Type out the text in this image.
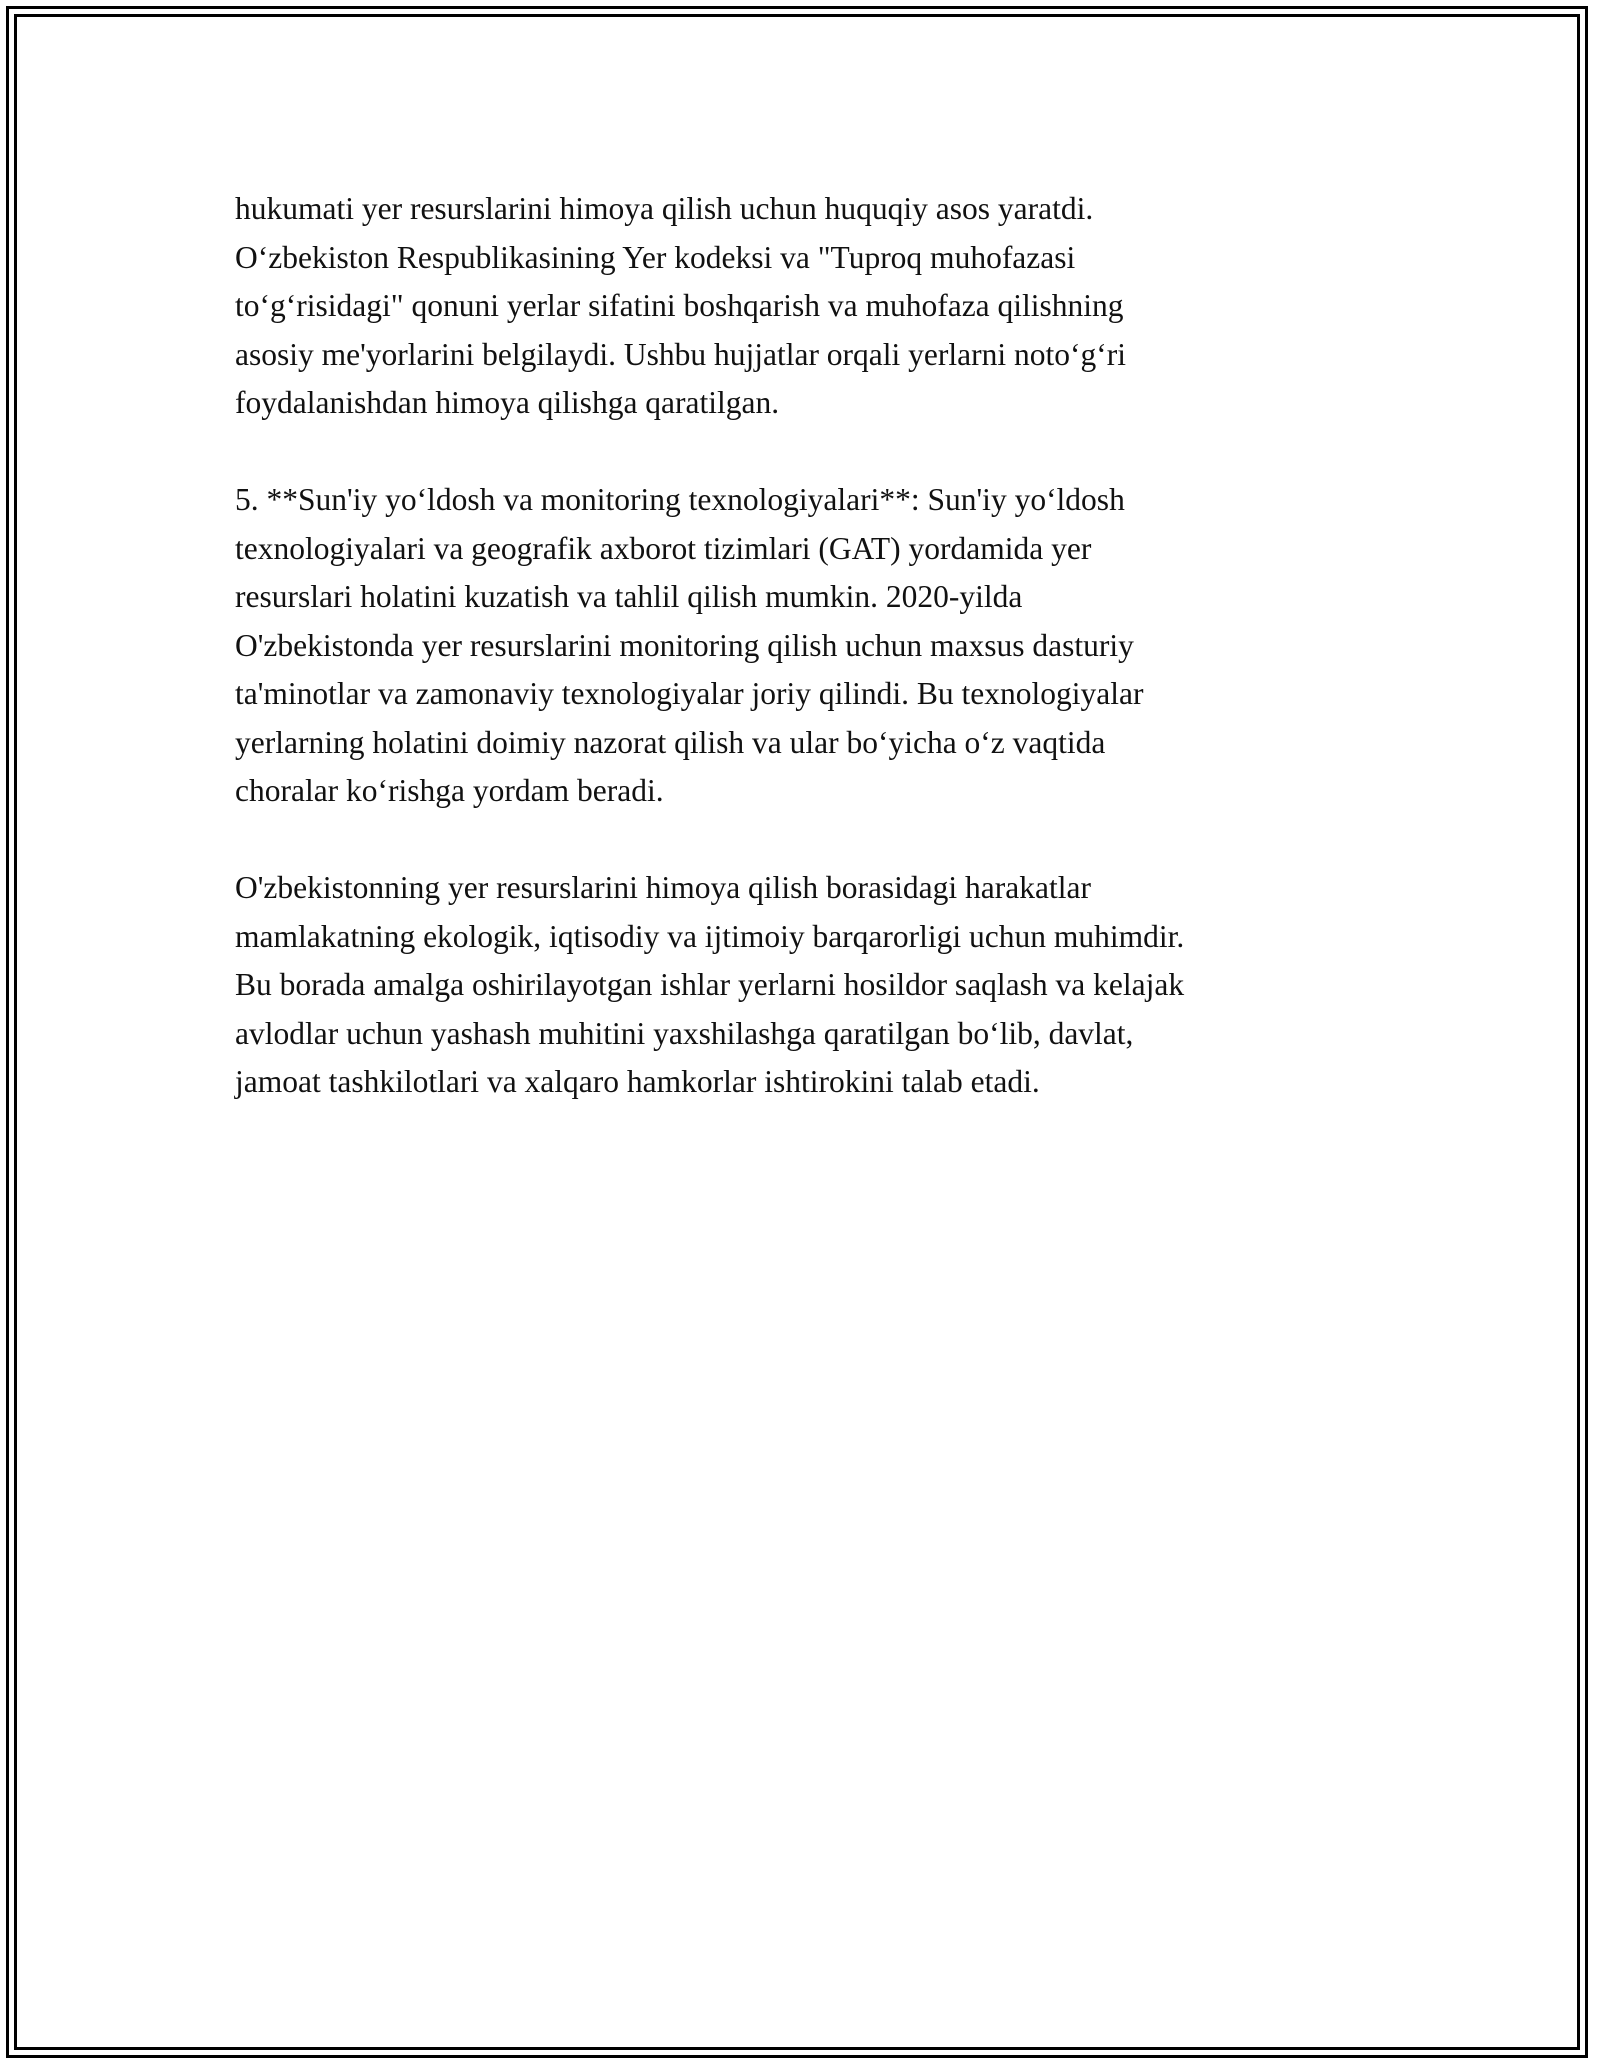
hukumati yer resurslarini himoya qilish uchun huquqiy asos yaratdi.
O‘zbekiston Respublikasining Yer kodeksi va "Tuproq muhofazasi
to‘g‘risidagi" qonuni yerlar sifatini boshqarish va muhofaza qilishning
asosiy me'yorlarini belgilaydi. Ushbu hujjatlar orqali yerlarni noto‘g‘ri
foydalanishdan himoya qilishga qaratilgan.

5. **Sun'iy yo‘ldosh va monitoring texnologiyalari**: Sun'iy yo‘ldosh
texnologiyalari va geografik axborot tizimlari (GAT) yordamida yer
resurslari holatini kuzatish va tahlil qilish mumkin. 2020-yilda
O'zbekistonda yer resurslarini monitoring qilish uchun maxsus dasturiy
ta'minotlar va zamonaviy texnologiyalar joriy qilindi. Bu texnologiyalar
yerlarning holatini doimiy nazorat qilish va ular bo‘yicha o‘z vaqtida
choralar ko‘rishga yordam beradi.

O'zbekistonning yer resurslarini himoya qilish borasidagi harakatlar
mamlakatning ekologik, iqtisodiy va ijtimoiy barqarorligi uchun muhimdir.
Bu borada amalga oshirilayotgan ishlar yerlarni hosildor saqlash va kelajak
avlodlar uchun yashash muhitini yaxshilashga qaratilgan bo‘lib, davlat,
jamoat tashkilotlari va xalqaro hamkorlar ishtirokini talab etadi.
